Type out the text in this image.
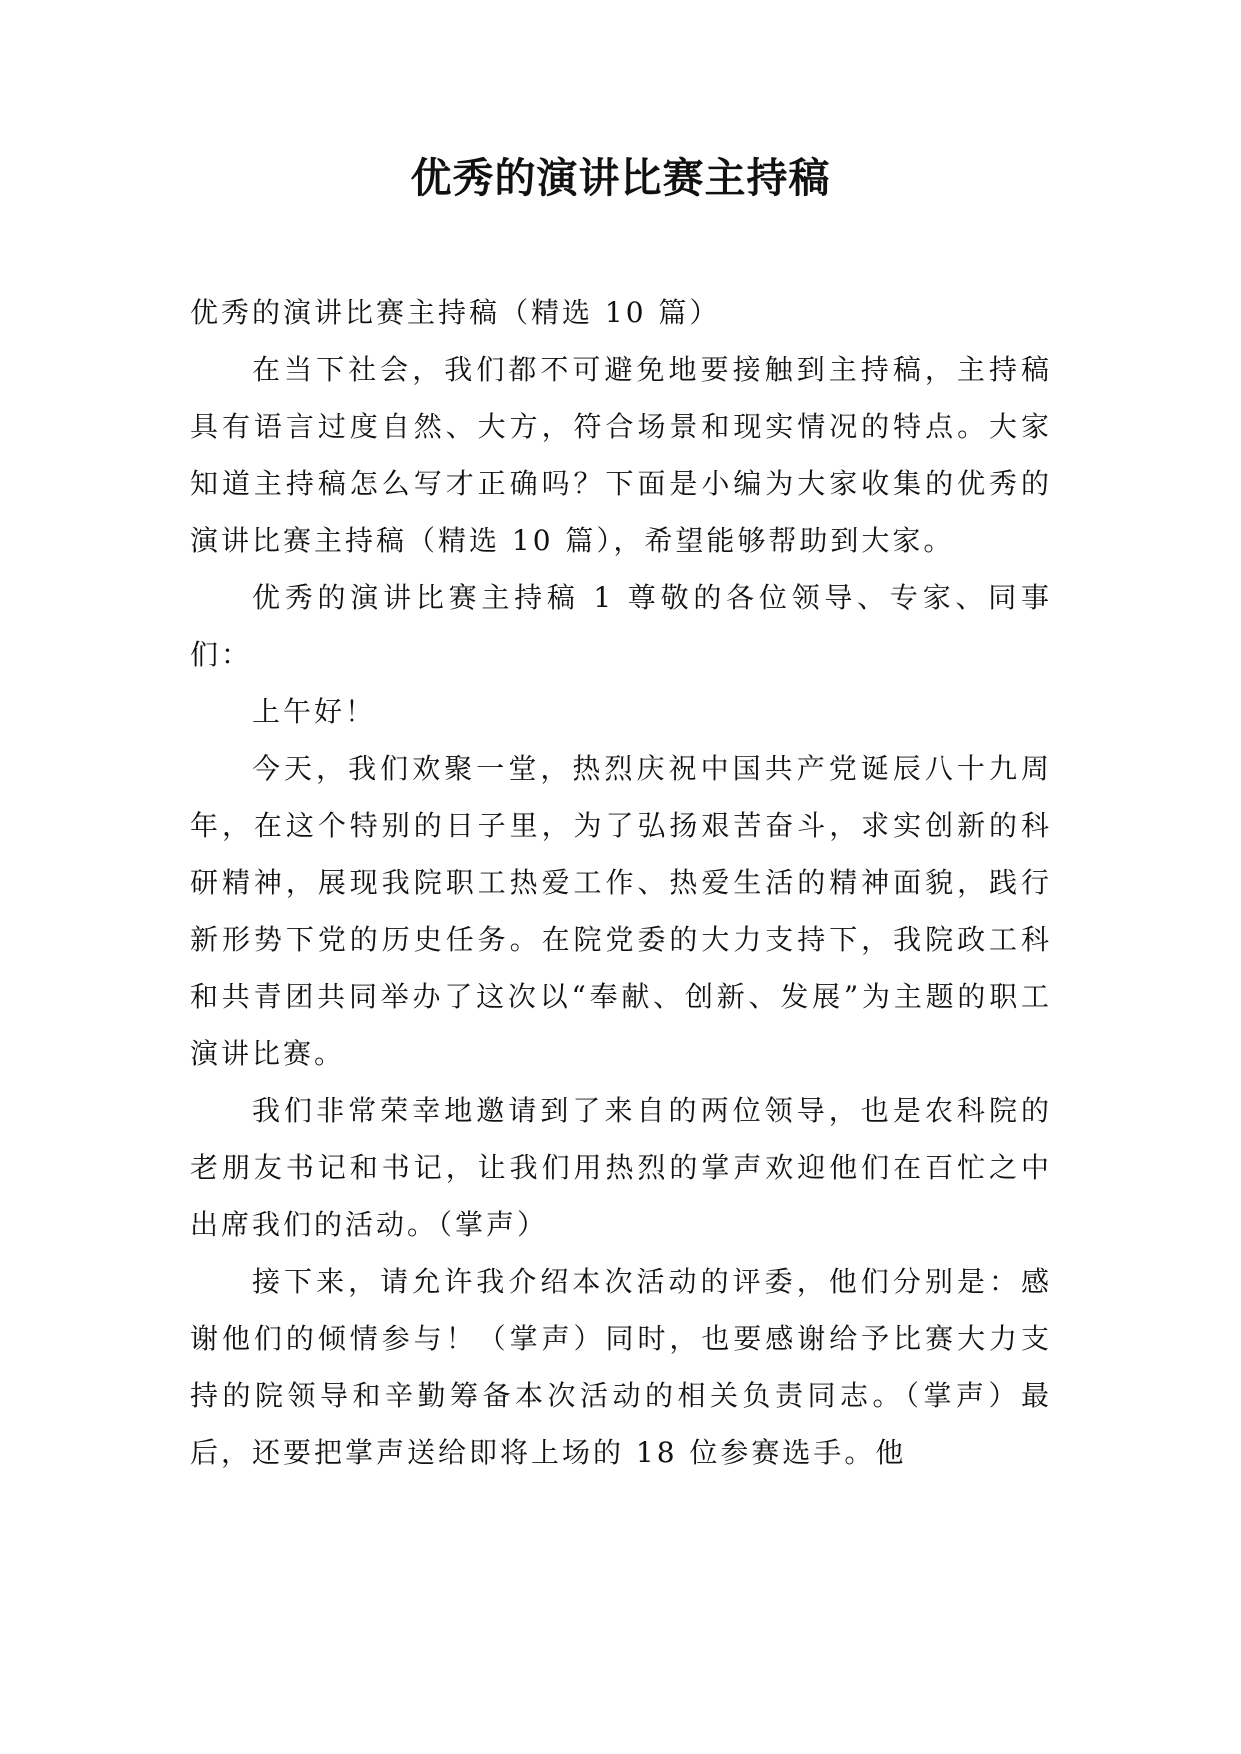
优秀的演讲比赛主持稿

优秀的演讲比赛主持稿（精选 10 篇）

在当下社会，我们都不可避免地要接触到主持稿，主持稿具有语言过度自然、大方，符合场景和现实情况的特点。大家知道主持稿怎么写才正确吗？下面是小编为大家收集的优秀的演讲比赛主持稿（精选 10 篇），希望能够帮助到大家。

优秀的演讲比赛主持稿 1 尊敬的各位领导、专家、同事们：

上午好！

今天，我们欢聚一堂，热烈庆祝中国共产党诞辰八十九周年，在这个特别的日子里，为了弘扬艰苦奋斗，求实创新的科研精神，展现我院职工热爱工作、热爱生活的精神面貌，践行新形势下党的历史任务。在院党委的大力支持下，我院政工科和共青团共同举办了这次以“奉献、创新、发展”为主题的职工演讲比赛。

我们非常荣幸地邀请到了来自的两位领导，也是农科院的老朋友书记和书记，让我们用热烈的掌声欢迎他们在百忙之中出席我们的活动。（掌声）

接下来，请允许我介绍本次活动的评委，他们分别是：感谢他们的倾情参与！（掌声）同时，也要感谢给予比赛大力支持的院领导和辛勤筹备本次活动的相关负责同志。（掌声）最后，还要把掌声送给即将上场的 18 位参赛选手。他
